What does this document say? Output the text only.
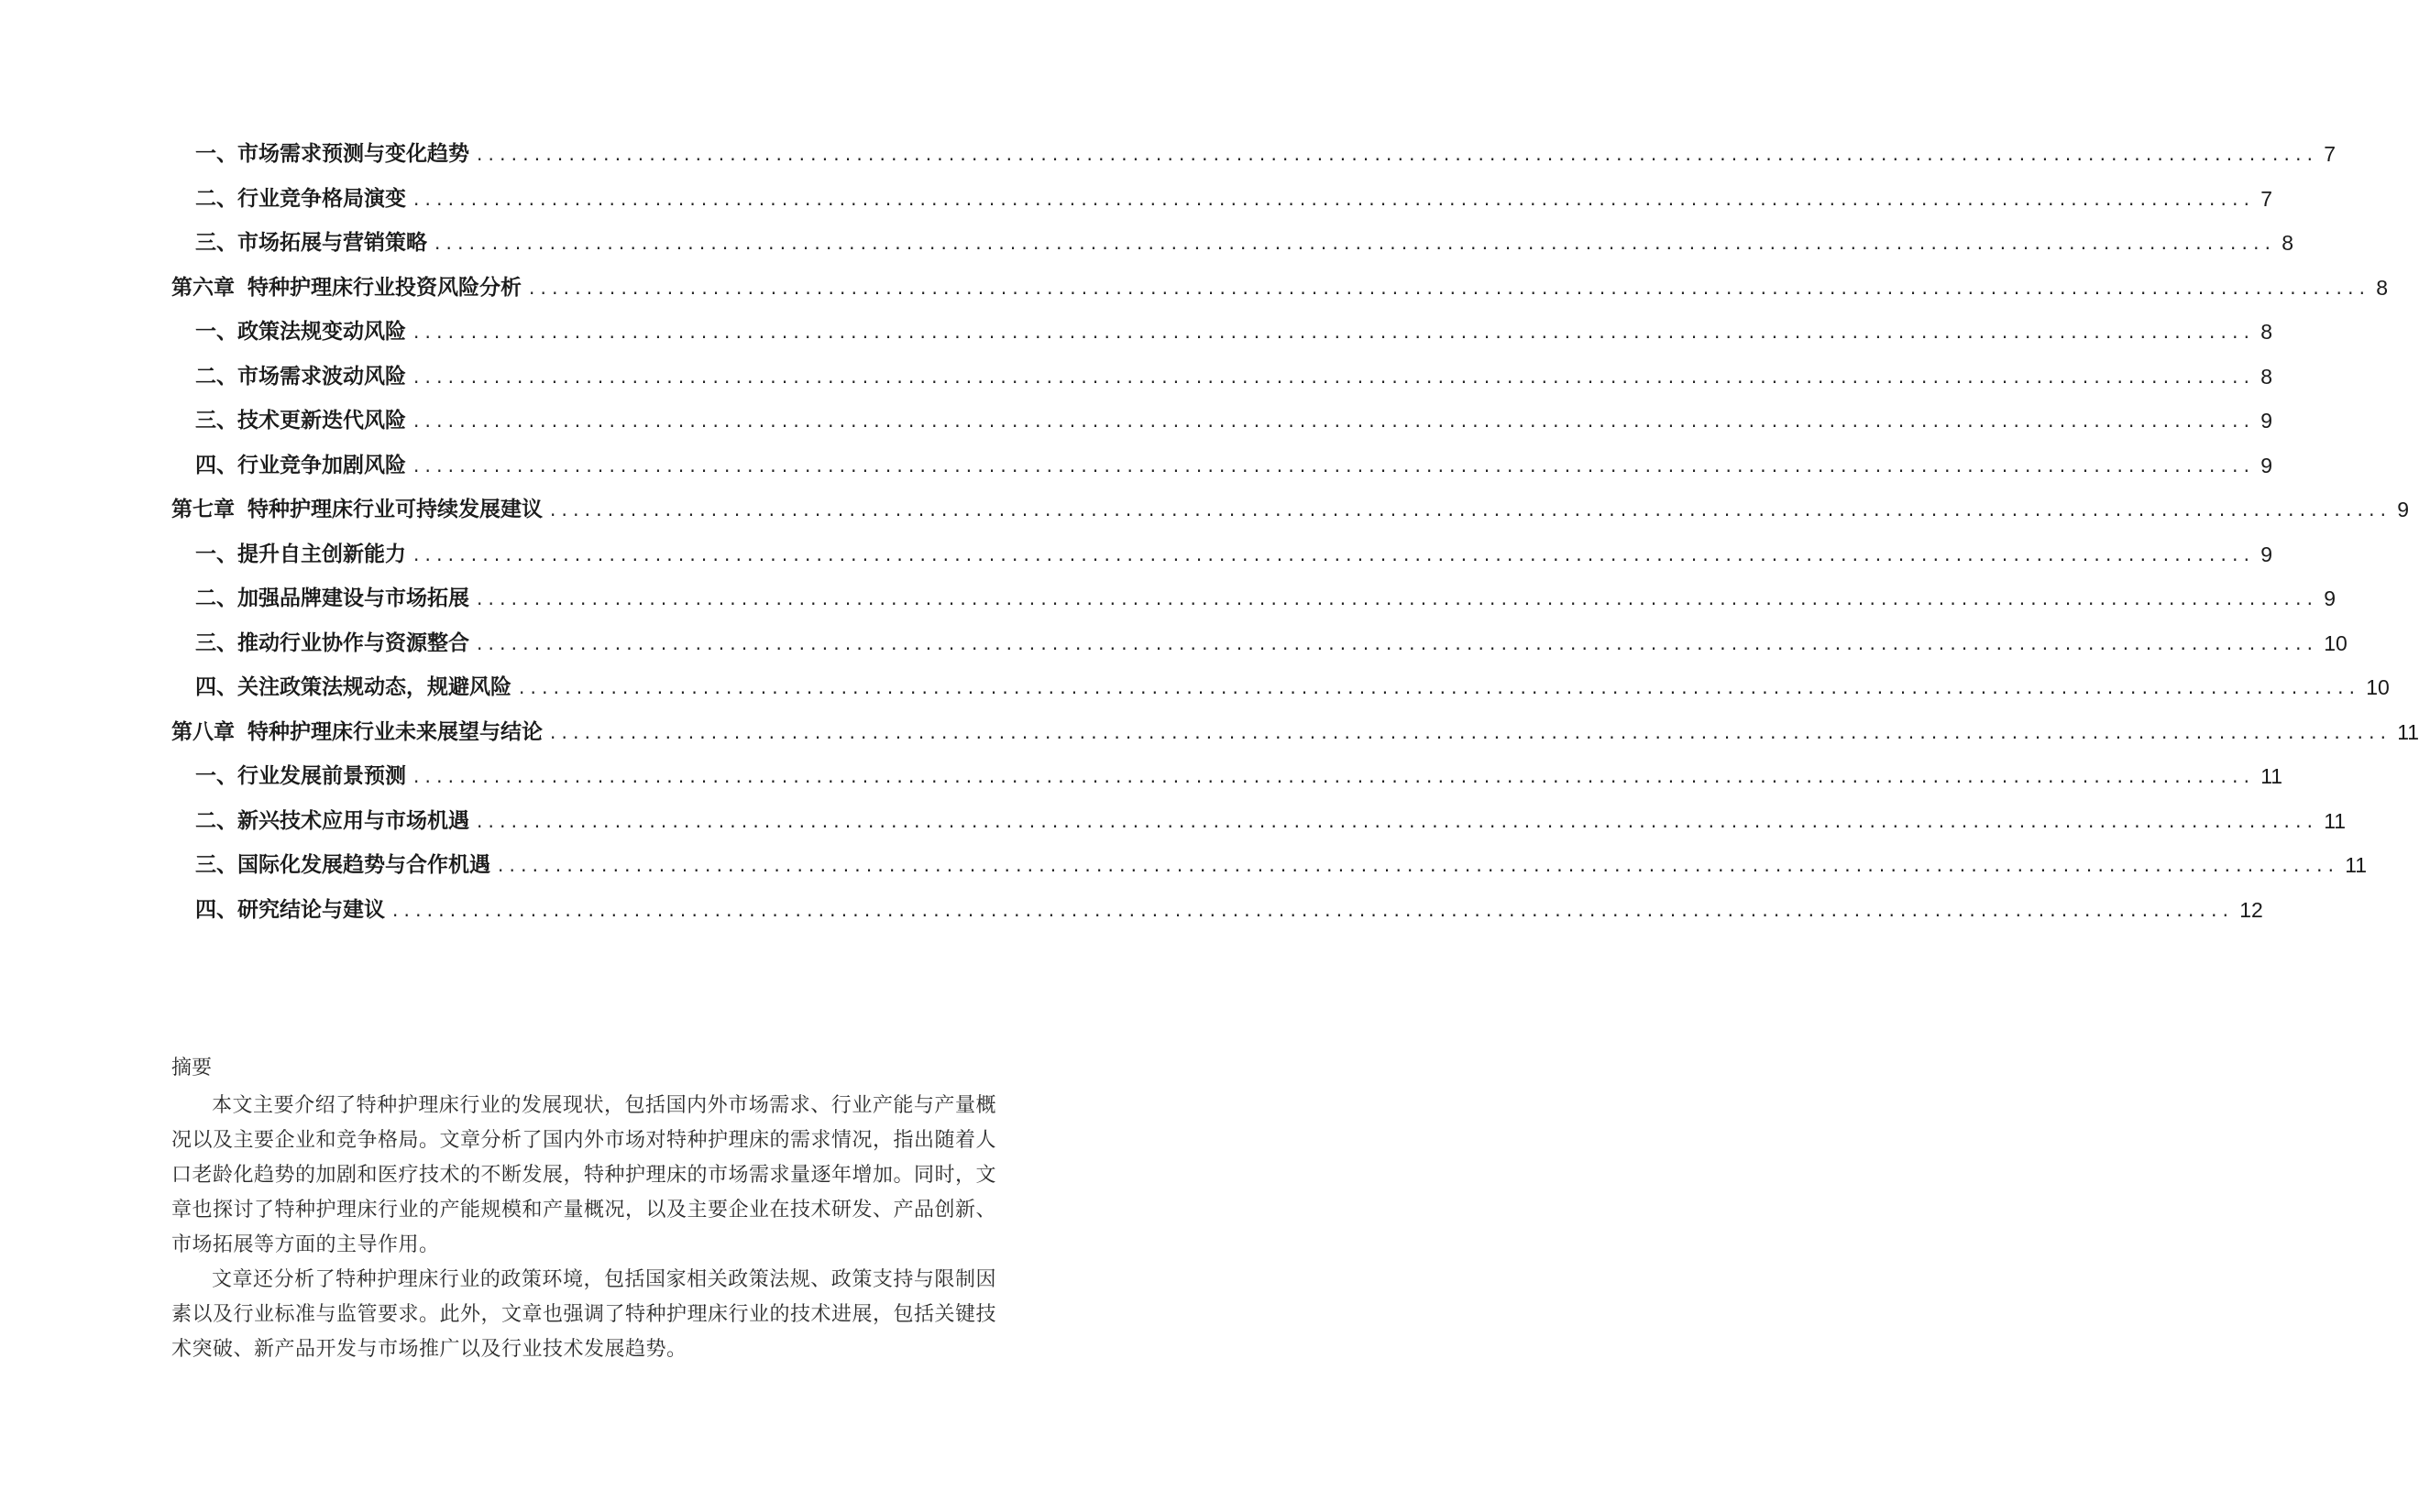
一、 市场需求预测与变化趋势 ................................................................................................................................................................ 7
二、 行业竞争格局演变 ................................................................................................................................................................ 7
三、 市场拓展与营销策略 ................................................................................................................................................................ 8
第六章 特种护理床行业投资风险分析 ................................................................................................................................................................ 8
一、 政策法规变动风险 ................................................................................................................................................................ 8
二、 市场需求波动风险 ................................................................................................................................................................ 8
三、 技术更新迭代风险 ................................................................................................................................................................ 9
四、 行业竞争加剧风险 ................................................................................................................................................................ 9
第七章 特种护理床行业可持续发展建议 ................................................................................................................................................................ 9
一、 提升自主创新能力 ................................................................................................................................................................ 9
二、 加强品牌建设与市场拓展 ................................................................................................................................................................ 9
三、 推动行业协作与资源整合 ................................................................................................................................................................ 10
四、 关注政策法规动态，规避风险 ................................................................................................................................................................ 10
第八章 特种护理床行业未来展望与结论 ................................................................................................................................................................ 11
一、 行业发展前景预测 ................................................................................................................................................................ 11
二、 新兴技术应用与市场机遇 ................................................................................................................................................................ 11
三、 国际化发展趋势与合作机遇 ................................................................................................................................................................ 11
四、 研究结论与建议 ................................................................................................................................................................ 12
摘要

本文主要介绍了特种护理床行业的发展现状，包括国内外市场需求、行业产能与产量概况以及主要企业和竞争格局。文章分析了国内外市场对特种护理床的需求情况，指出随着人口老龄化趋势的加剧和医疗技术的不断发展，特种护理床的市场需求量逐年增加。同时，文章也探讨了特种护理床行业的产能规模和产量概况，以及主要企业在技术研发、产品创新、市场拓展等方面的主导作用。

文章还分析了特种护理床行业的政策环境，包括国家相关政策法规、政策支持与限制因素以及行业标准与监管要求。此外，文章也强调了特种护理床行业的技术进展，包括关键技术突破、新产品开发与市场推广以及行业技术发展趋势。
